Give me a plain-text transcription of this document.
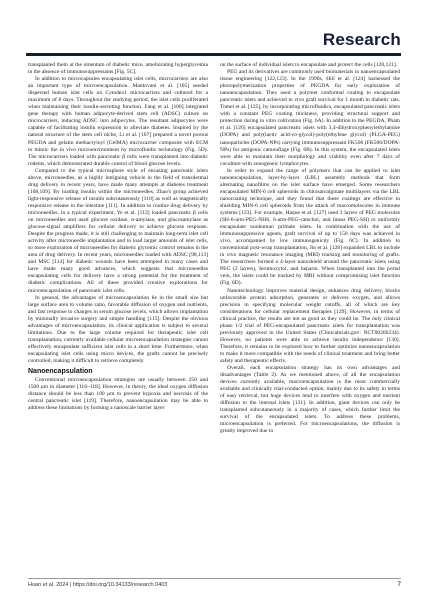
Research

transplanted them at the omentum of diabetic mice, ameliorating hyperglycemia in the absence of immunosuppressants [Fig. 5C].

In addition to microcapsules encapsulating islet cells, microcarriers are also an important type of microencapsulation. Mantovani et al. [105] seeded dispersed human islet cells on Cytodex1 microcarriers and cultured for a maximum of 8 days. Throughout the studying period, the islet cells proliferated when maintaining their insulin-secreting function. Fang et al. [106] integrated gene therapy with human adipocyte-derived stem cell (ADSC) culture on microcarriers, inducing ADSC into adipocytes. The resultant adipocytes were capable of facilitating insulin expression to alleviate diabetes. Inspired by the natural structure of the stem cell niche, Li et al. [107] prepared a novel porous PEGDA and gelatin methacryloyl (GelMA) microcarrier composite with ECM to mimic the in vivo microenvironment by microfluidic technology (Fig. 5D). The microcarriers loaded with pancreatic β cells were transplanted into diabetic rodents, which demonstrated durable control of blood glucose levels.

Compared to the typical microsphere style of encasing pancreatic islets above, microneedles, as a highly intriguing vehicle in the field of transdermal drug delivery in recent years, have made many attempts at diabetes treatment [108,109]. By loading insulin within the microneedles, Zhao's group achieved light-responsive release of insulin subcutaneously [110] as well as magnetically responsive release in the intestine [111]. In addition to routine drug delivery by microneedles, in a typical experiment, Ye et al. [112] loaded pancreatic β cells on microneedles and used glucose oxidase, α-amylase, and glucosamylase as glucose-signal amplifiers for cellular delivery to achieve glucose response. Despite the progress made, it is still challenging to maintain long-term islet cell activity after microneedle implantation and to load larger amounts of islet cells, so more exploration of microneedles for diabetic glycemic control remains in the area of drug delivery. In recent years, microneedles loaded with ADSC [98,113] and MSC [114] for diabetic wounds have been attempted in many cases and have made many good advances, which suggests that microneedles encapsulating cells for delivery have a strong potential for the treatment of diabetic complications. All of these provided creative explorations for microencapsulation of pancreatic islet cells.

In general, the advantages of microencapsulation lie in the small size but large surface area to volume ratio, favorable diffusion of oxygen and nutrients, and fast response to changes in serum glucose levels, which allows implantation by minimally invasive surgery and simple handling [115]. Despite the obvious advantages of microencapsulation, its clinical application is subject to several limitations. Due to the large volume required for therapeutic islet cell transplantation, currently available cellular microencapsulation strategies cannot effectively encapsulate sufficient islet cells in a short time. Furthermore, when encapsulating islet cells using micro devices, the grafts cannot be precisely controlled, making it difficult to retrieve completely.

Nanoencapsulation

Conventional microencapsulation strategies are usually between 250 and 1500 μm in diameter [116–118]. However, in theory, the ideal oxygen diffusion distance should be less than 100 μm to prevent hypoxia and necrosis of the central pancreatic islet [119]. Therefore, nanoencapsulation may be able to address these limitations by forming a nanoscale barrier layer

on the surface of individual islets to encapsulate and protect the cells [120,121].

PEG and its derivatives are commonly used biomaterials in nanoencapsulated tissue engineering [122,123]. In the 1990s, Hill et al. [124] harnessed the photopolymerization properties of PEGDA for early exploration of nanoencapsulation. They used a polymer conformal coating to encapsulate pancreatic islets and achieved in vivo graft survival for 1 month in diabetic rats. Tomei et al. [125], by incorporating microfluidics, encapsulated pancreatic islets with a constant PEG coating thickness, providing structural support and protection during in vitro cultivation (Fig. 6A). In addition to the PEGDA, Pham et al. [126] encapsulated pancreatic islets with 3,4-dihydroxyphenylethylamine (DOPA) and poly(lactic acid-co-glycol)-poly(ethylene glycol) (PLGA-PEG) nanoparticles (DOPA-NPs) carrying immunosuppressant FK506 (FK506/DOPA-NPs) for antigenic camouflage (Fig. 6B). In this system, the encapsulated islets were able to maintain their morphology and viability even after 7 days of coculture with xenogeneic lymphocytes.

In order to expand the range of polymers that can be applied to islet nanoencapsulation, layer-by-layer (LBL) assembly methods that form alternating nanofilms on the islet surface have emerged. Some researchers encapsulated MIN-6 cell spheroids in chitosan/alginate multilayers via the LBL nanocoating technique, and they found that these coatings are effective in shielding MIN-6 cell spheroids from the attack of macromolecules in immune systems [123]. For example, Haque et al. [127] used 3 layers of PEG molecules (SH-6-arm-PEG-NHS, 6-arm-PEG-catechol, and linear PEG-SH) to uniformly encapsulate nonhuman primate islets. In combination with the use of immunosuppressive agents, graft survival of up to 150 days was achieved in vivo, accompanied by low immunogenicity (Fig. 6C). In addition to conventional post-wrap transplantation, Jin et al. [128] expanded LBL to include in vivo magnetic resonance imaging (MRI) tracking and monitoring of grafts. The researchers formed a 4-layer nanoshield around the pancreatic islets using PEG (2 layers), ferumoxytol, and heparin. When transplanted into the portal vein, the islets could be tracked by MRI without compromising islet function (Fig. 6D).

Nanotechnology improves material design, enhances drug delivery, blocks unfavorable protein adsorption, generates or delivers oxygen, and allows precision in specifying molecular weight cutoffs, all of which are key considerations for cellular replacement therapies [129]. However, in terms of clinical practice, the results are not as good as they could be. The only clinical phase 1/2 trial of PEG-encapsulated pancreatic islets for transplantation was previously approved in the United States (Clinicaltrials.gov: NCT00260234). However, no patients were able to achieve insulin independence [130]. Therefore, it remains to be explored how to further optimize nanoencapsulation to make it more compatible with the needs of clinical treatment and bring better safety and therapeutic effects.

Overall, each encapsulation strategy has its own advantages and disadvantages (Table 2). As we mentioned above, of all the encapsulation devices currently available, macroencapsulation is the most commercially available and clinically trial-conducted option, mainly due to its safety in terms of easy retrieval, but huge devices tend to interfere with oxygen and nutrient diffusion to the internal islets [131]. In addition, giant devices can only be transplanted subcutaneously in a majority of cases, which further limit the survival of the encapsulated islets. To address these problems, microencapsulation is preferred. For microencapsulations, the diffusion is greatly improved due to

Huan et al. 2024 | https://doi.org/10.34133/research.0403	7
